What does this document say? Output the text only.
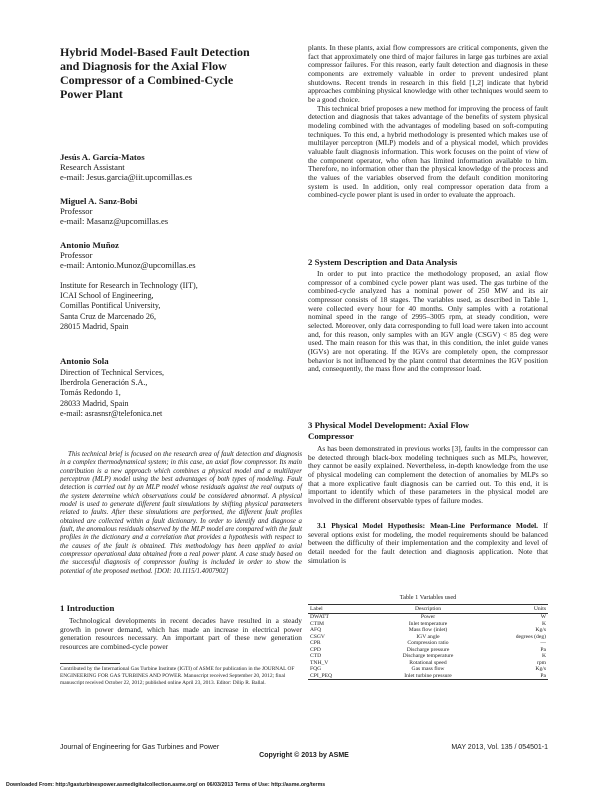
Hybrid Model-Based Fault Detection
and Diagnosis for the Axial Flow
Compressor of a Combined-Cycle
Power Plant
Jesús A. García-Matos
Research Assistant
e-mail: Jesus.garcia@iit.upcomillas.es
Miguel A. Sanz-Bobi
Professor
e-mail: Masanz@upcomillas.es
Antonio Muñoz
Professor
e-mail: Antonio.Munoz@upcomillas.es
Institute for Research in Technology (IIT),
ICAI School of Engineering,
Comillas Pontifical University,
Santa Cruz de Marcenado 26,
28015 Madrid, Spain
Antonio Sola
Direction of Technical Services,
Iberdrola Generación S.A.,
Tomás Redondo 1,
28033 Madrid, Spain
e-mail: asrasnsr@telefonica.net

This technical brief is focused on the research area of fault detection and diagnosis in a complex thermodynamical system; in this case, an axial flow compressor. Its main contribution is a new approach which combines a physical model and a multilayer perceptron (MLP) model using the best advantages of both types of modeling. Fault detection is carried out by an MLP model whose residuals against the real outputs of the system determine which observations could be considered abnormal. A physical model is used to generate different fault simulations by shifting physical parameters related to faults. After these simulations are performed, the different fault profiles obtained are collected within a fault dictionary. In order to identify and diagnose a fault, the anomalous residuals observed by the MLP model are compared with the fault profiles in the dictionary and a correlation that provides a hypothesis with respect to the causes of the fault is obtained. This methodology has been applied to axial compressor operational data obtained from a real power plant. A case study based on the successful diagnosis of compressor fouling is included in order to show the potential of the proposed method. [DOI: 10.1115/1.4007902]

1 Introduction

Technological developments in recent decades have resulted in a steady growth in power demand, which has made an increase in electrical power generation resources necessary. An important part of these new generation resources are combined-cycle power

Contributed by the International Gas Turbine Institute (IGTI) of ASME for publication in the JOURNAL OF ENGINEERING FOR GAS TURBINES AND POWER. Manuscript received September 20, 2012; final manuscript received October 22, 2012; published online April 23, 2013. Editor: Dilip R. Ballal.

plants. In these plants, axial flow compressors are critical components, given the fact that approximately one third of major failures in large gas turbines are axial compressor failures. For this reason, early fault detection and diagnosis in these components are extremely valuable in order to prevent undesired plant shutdowns. Recent trends in research in this field [1,2] indicate that hybrid approaches combining physical knowledge with other techniques would seem to be a good choice.

This technical brief proposes a new method for improving the process of fault detection and diagnosis that takes advantage of the benefits of system physical modeling combined with the advantages of modeling based on soft-computing techniques. To this end, a hybrid methodology is presented which makes use of multilayer perceptron (MLP) models and of a physical model, which provides valuable fault diagnosis information. This work focuses on the point of view of the component operator, who often has limited information available to him. Therefore, no information other than the physical knowledge of the process and the values of the variables observed from the default condition monitoring system is used. In addition, only real compressor operation data from a combined-cycle power plant is used in order to evaluate the approach.

2 System Description and Data Analysis

In order to put into practice the methodology proposed, an axial flow compressor of a combined cycle power plant was used. The gas turbine of the combined-cycle analyzed has a nominal power of 250 MW and its air compressor consists of 18 stages. The variables used, as described in Table 1, were collected every hour for 40 months. Only samples with a rotational nominal speed in the range of 2995–3005 rpm, at steady condition, were selected. Moreover, only data corresponding to full load were taken into account and, for this reason, only samples with an IGV angle (CSGV) < 85 deg were used. The main reason for this was that, in this condition, the inlet guide vanes (IGVs) are not operating. If the IGVs are completely open, the compressor behavior is not influenced by the plant control that determines the IGV position and, consequently, the mass flow and the compressor load.

3 Physical Model Development: Axial Flow
Compressor

As has been demonstrated in previous works [3], faults in the compressor can be detected through black-box modeling techniques such as MLPs, however, they cannot be easily explained. Nevertheless, in-depth knowledge from the use of physical modeling can complement the detection of anomalies by MLPs so that a more explicative fault diagnosis can be carried out. To this end, it is important to identify which of these parameters in the physical model are involved in the different observable types of failure modes.

3.1 Physical Model Hypothesis: Mean-Line Performance Model. If several options exist for modeling, the model requirements should be balanced between the difficulty of their implementation and the complexity and level of detail needed for the fault detection and diagnosis application. Note that simulation is

Table 1 Variables used
Label	Description	Units
DWATT	Power	W
CTIM	Inlet temperature	K
AFQ	Mass flow (inlet)	Kg/s
CSGV	IGV angle	degrees (deg)
CPR	Compression ratio	—
CPD	Discharge pressure	Pa
CTD	Discharge temperature	K
TNH_V	Rotational speed	rpm
FQG	Gas mass flow	Kg/s
CPI_PEQ	Inlet turbine pressure	Pa
Journal of Engineering for Gas Turbines and Power	MAY 2013, Vol. 135 / 054501-1
Copyright © 2013 by ASME
Downloaded From: http://gasturbinespower.asmedigitalcollection.asme.org/ on 06/03/2013 Terms of Use: http://asme.org/terms
